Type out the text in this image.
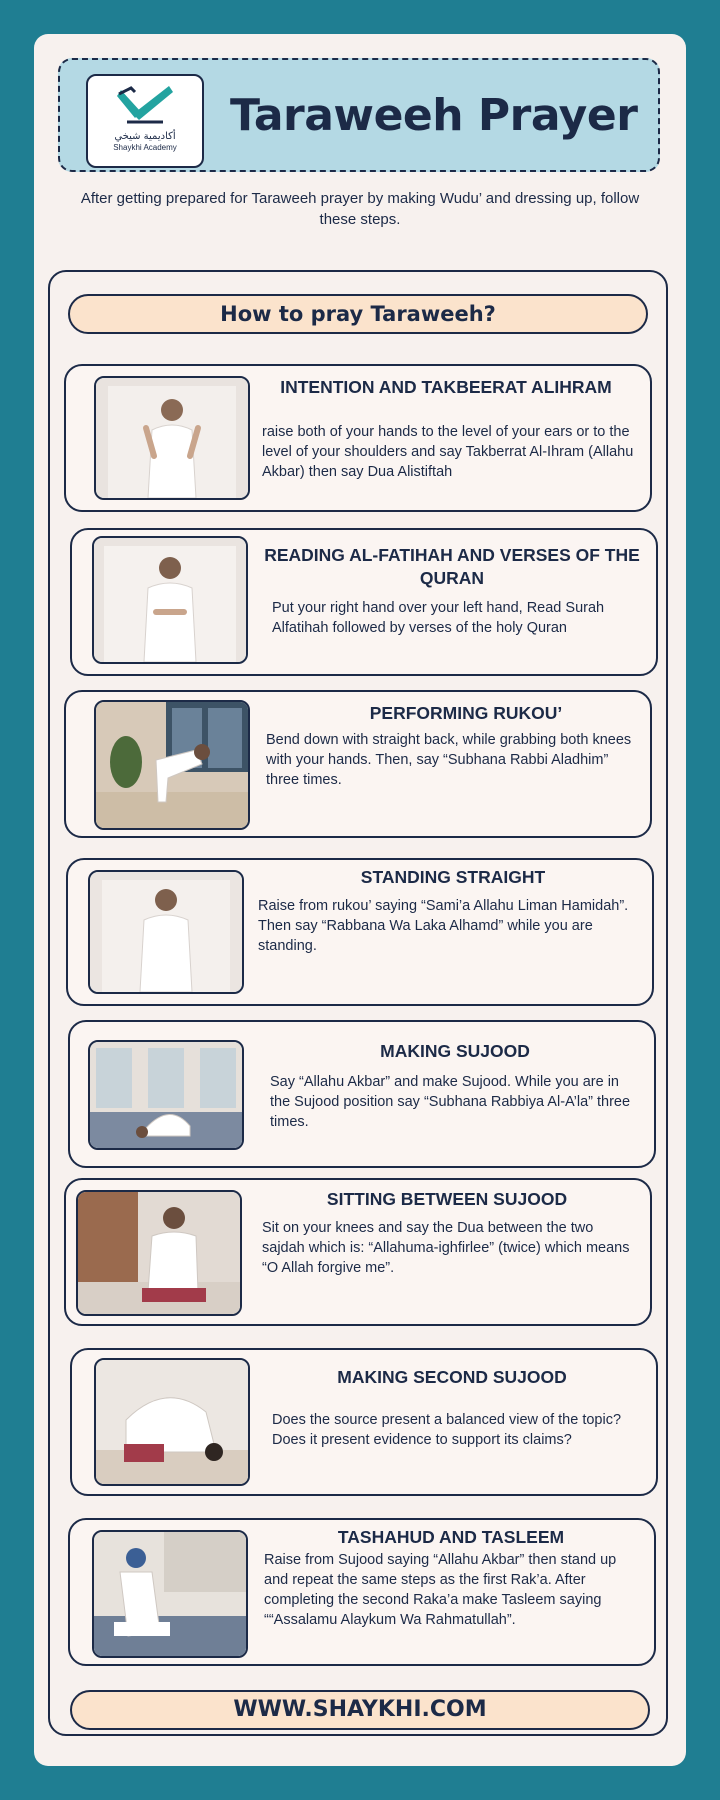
أكاديمية شيخي
Shaykhi Academy
Taraweeh Prayer
After getting prepared for Taraweeh prayer by making Wudu’ and dressing up, follow these steps.
How to pray Taraweeh?
INTENTION AND TAKBEERAT ALIHRAM
raise both of your hands to the level of your ears or to the level of your shoulders and say Takberrat Al-Ihram (Allahu Akbar) then say Dua Alistiftah
READING AL-FATIHAH AND VERSES OF THE QURAN
Put your right hand over your left hand, Read Surah Alfatihah followed by verses of the holy Quran
PERFORMING RUKOU’
Bend down with straight back, while grabbing both knees with your hands. Then, say “Subhana Rabbi Aladhim” three times.
STANDING STRAIGHT
Raise from rukou’ saying “Sami’a Allahu Liman Hamidah”. Then say “Rabbana Wa Laka Alhamd” while you are standing.
MAKING SUJOOD
Say “Allahu Akbar” and make Sujood. While you are in the Sujood position say “Subhana Rabbiya Al-A’la” three times.
SITTING BETWEEN SUJOOD
Sit on your knees and say the Dua between the two sajdah which is: “Allahuma-ighfirlee” (twice) which means “O Allah forgive me”.
MAKING SECOND SUJOOD
Does the source present a balanced view of the topic? Does it present evidence to support its claims?
TASHAHUD AND TASLEEM
Raise from Sujood saying “Allahu Akbar” then stand up and repeat the same steps as the first Rak’a. After completing the second Raka’a make Tasleem saying ““Assalamu Alaykum Wa Rahmatullah”.
WWW.SHAYKHI.COM
